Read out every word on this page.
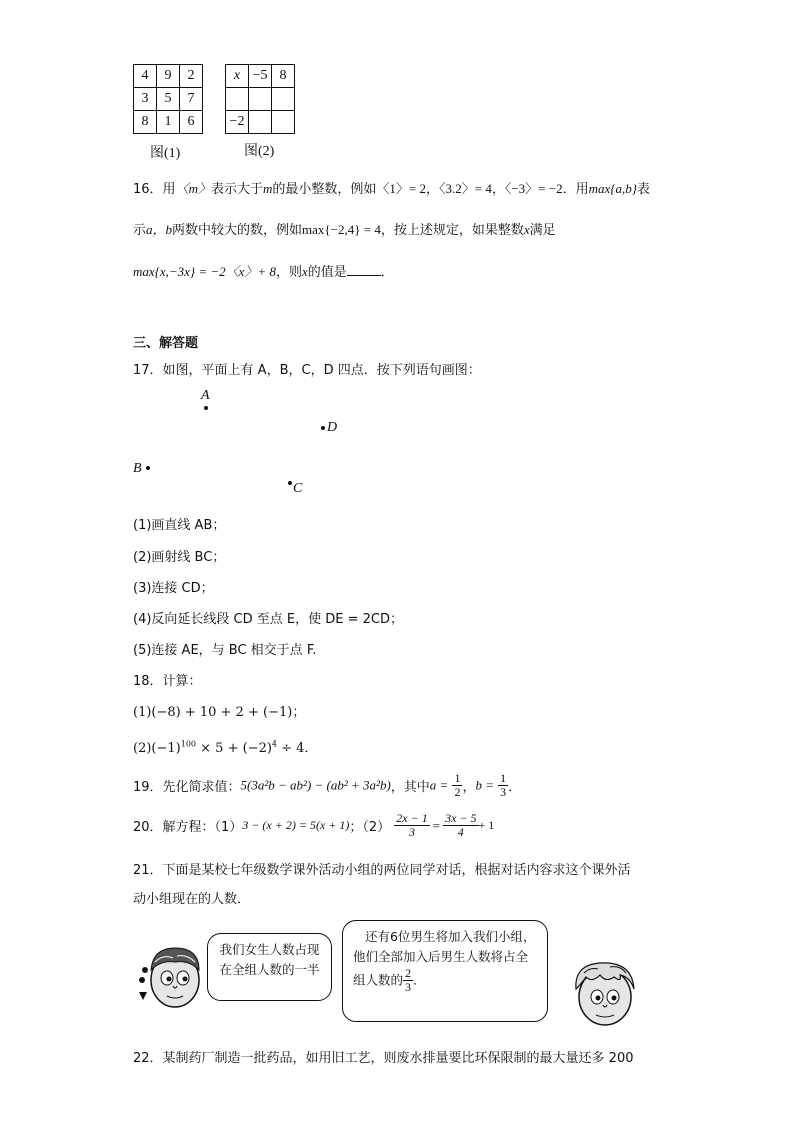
4	9	2
3	5	7
8	1	6
图(1)
x	−5	8

−2		
图(2)
16．用〈m〉表示大于m的最小整数，例如〈1〉= 2，〈3.2〉= 4，〈−3〉= −2．用max{a,b}表
示a，b两数中较大的数，例如max{−2,4} = 4，按上述规定，如果整数x满足
max{x,−3x} = −2〈x〉+ 8，则x的值是	．
三、解答题
17．如图，平面上有 A，B，C，D 四点．按下列语句画图：
A
D
B
C
(1)画直线 AB；
(2)画射线 BC；
(3)连接 CD；
(4)反向延长线段 CD 至点 E，使 DE = 2CD；
(5)连接 AE，与 BC 相交于点 F.
18．计算：
(1)(−8) + 10 + 2 + (−1)；
$(2)(-1)^{100} \times 5 + (-2)^4 \div 4$．
19．先化简求值：5(3a²b − ab²) − (ab² + 3a²b)，其中$a = \frac{1}{2}$ ，$b = \frac{1}{3}$ ．
20．解方程：（1）3 − (x + 2) = 5(x + 1)；$(2) \frac{2x - 1}{3} = \frac{3x - 5}{4} + 1$
21．下面是某校七年级数学课外活动小组的两位同学对话，根据对话内容求这个课外活
动小组现在的人数．
我们女生人数占现
在全组人数的一半
还有6位男生将加入我们小组，
他们全部加入后男生人数将占全
组人数的 $\frac{2}{3}$ ．
22．某制药厂制造一批药品，如用旧工艺，则废水排量要比环保限制的最大量还多 200
